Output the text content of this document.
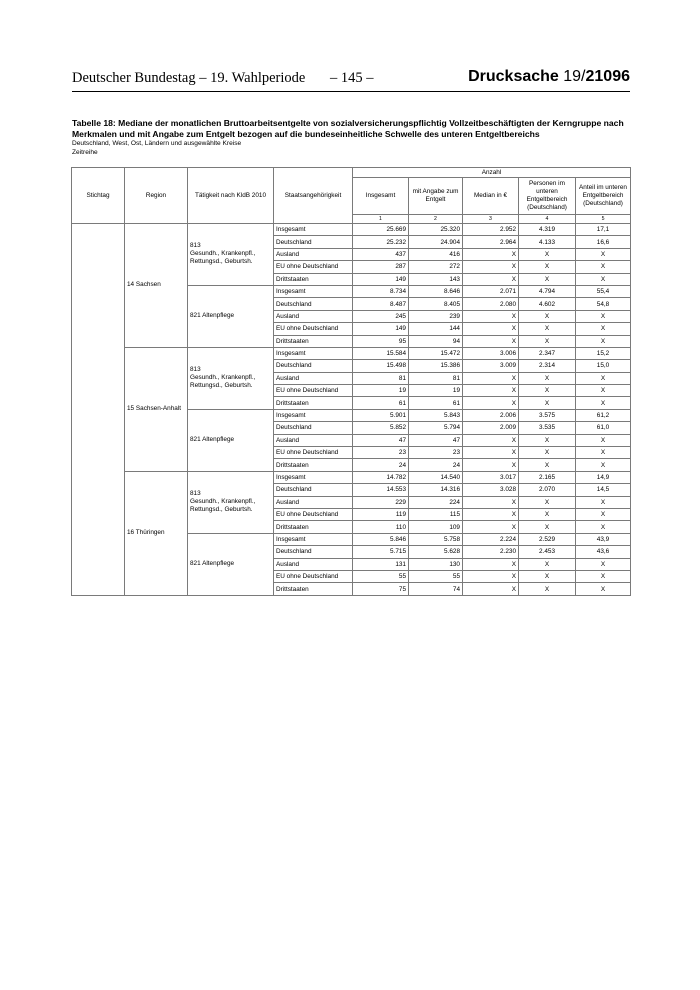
Deutscher Bundestag – 19. Wahlperiode – 145 –	Drucksache 19/21096
Tabelle 18: Mediane der monatlichen Bruttoarbeitsentgelte von sozialversicherungspflichtig Vollzeitbeschäftigten der Kerngruppe nach Merkmalen und mit Angabe zum Entgelt bezogen auf die bundeseinheitliche Schwelle des unteren Entgeltbereichs
Deutschland, West, Ost, Ländern und ausgewählte Kreise
Zeitreihe
Stichtag	Region	Tätigkeit nach KldB 2010	Staatsangehörigkeit	Anzahl				
				Insgesamt	mit Angabe zum Entgelt	Median in €	Personen im unteren Entgeltbereich (Deutschland)	Anteil im unteren Entgeltbereich (Deutschland)
				1	2	3	4	5
	14 Sachsen	813
Gesundh., Krankenpfl.,
Rettungsd., Geburtsh.	Insgesamt	25.669	25.320	2.952	4.319	17,1
			Deutschland	25.232	24.904	2.964	4.133	16,6
			Ausland	437	416	X	X	X
			EU ohne Deutschland	287	272	X	X	X
			Drittstaaten	149	143	X	X	X
		821 Altenpflege	Insgesamt	8.734	8.646	2.071	4.794	55,4
			Deutschland	8.487	8.405	2.080	4.602	54,8
			Ausland	245	239	X	X	X
			EU ohne Deutschland	149	144	X	X	X
			Drittstaaten	95	94	X	X	X
	15 Sachsen-Anhalt	813
Gesundh., Krankenpfl.,
Rettungsd., Geburtsh.	Insgesamt	15.584	15.472	3.006	2.347	15,2
			Deutschland	15.498	15.386	3.009	2.314	15,0
			Ausland	81	81	X	X	X
			EU ohne Deutschland	19	19	X	X	X
			Drittstaaten	61	61	X	X	X
		821 Altenpflege	Insgesamt	5.901	5.843	2.006	3.575	61,2
			Deutschland	5.852	5.794	2.009	3.535	61,0
			Ausland	47	47	X	X	X
			EU ohne Deutschland	23	23	X	X	X
			Drittstaaten	24	24	X	X	X
	16 Thüringen	813
Gesundh., Krankenpfl.,
Rettungsd., Geburtsh.	Insgesamt	14.782	14.540	3.017	2.165	14,9
			Deutschland	14.553	14.316	3.028	2.070	14,5
			Ausland	229	224	X	X	X
			EU ohne Deutschland	119	115	X	X	X
			Drittstaaten	110	109	X	X	X
		821 Altenpflege	Insgesamt	5.846	5.758	2.224	2.529	43,9
			Deutschland	5.715	5.628	2.230	2.453	43,6
			Ausland	131	130	X	X	X
			EU ohne Deutschland	55	55	X	X	X
			Drittstaaten	75	74	X	X	X
